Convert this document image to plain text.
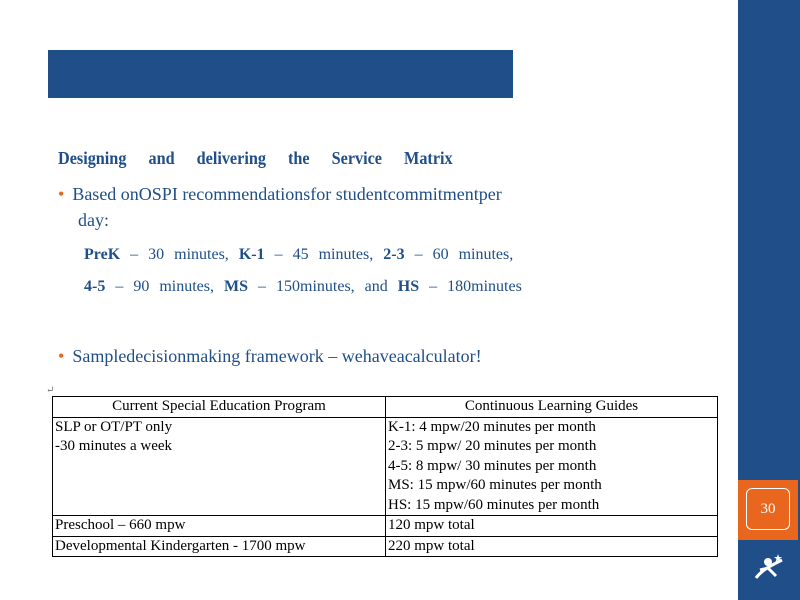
30
Designing and delivering the Service Matrix
• Based onOSPI recommendationsfor studentcommitmentper
day:
PreK – 30 minutes, K-1 – 45 minutes, 2-3 – 60 minutes,
4-5 – 90 minutes, MS – 150minutes, and HS – 180minutes
• Sampledecisionmaking framework – wehaveacalculator!
↵
Current Special Education Program	Continuous Learning Guides

SLP or OT/PT only
-30 minutes a week	K-1: 4 mpw/20 minutes per month
2-3: 5 mpw/ 20 minutes per month
4-5: 8 mpw/ 30 minutes per month
MS: 15 mpw/60 minutes per month
HS: 15 mpw/60 minutes per month

Preschool – 660 mpw	120 mpw total
Developmental Kindergarten - 1700 mpw	220 mpw total
